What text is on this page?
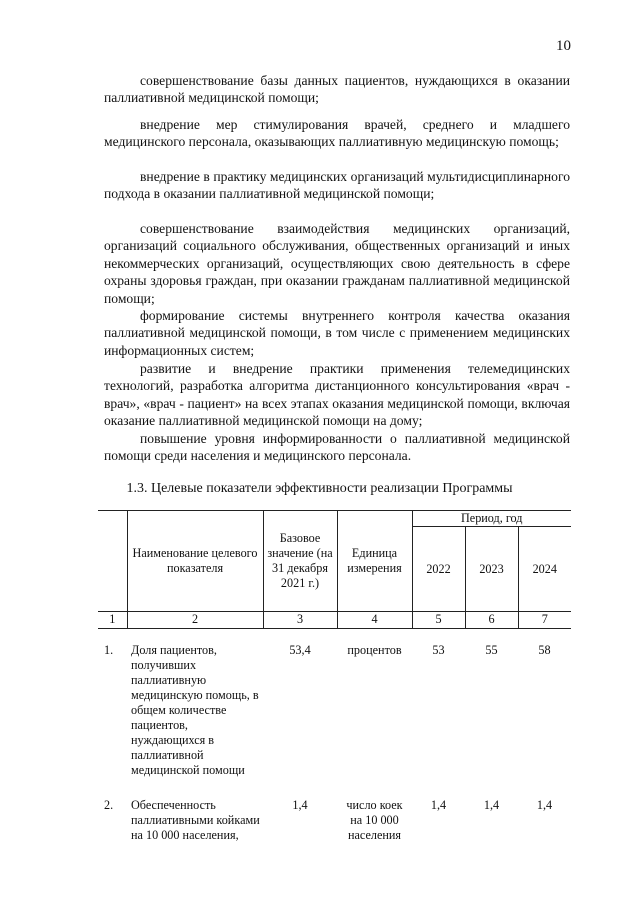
10

совершенствование базы данных пациентов, нуждающихся в оказании паллиативной медицинской помощи;

внедрение мер стимулирования врачей, среднего и младшего медицинского персонала, оказывающих паллиативную медицинскую помощь;

внедрение в практику медицинских организаций мультидисциплинарного подхода в оказании паллиативной медицинской помощи;

совершенствование взаимодействия медицинских организаций, организаций социального обслуживания, общественных организаций и иных некоммерческих организаций, осуществляющих свою деятельность в сфере охраны здоровья граждан, при оказании гражданам паллиативной медицинской помощи;

формирование системы внутреннего контроля качества оказания паллиативной медицинской помощи, в том числе с применением медицинских информационных систем;

развитие и внедрение практики применения телемедицинских технологий, разработка алгоритма дистанционного консультирования «врач - врач», «врач - пациент» на всех этапах оказания медицинской помощи, включая оказание паллиативной медицинской помощи на дому;

повышение уровня информированности о паллиативной медицинской помощи среди населения и медицинского персонала.

1.3. Целевые показатели эффективности реализации Программы
	Наименование целевого показателя	Базовое значение (на 31 декабря 2021 г.)	Единица измерения	Период, год		
				2022	2023	2024
1	2	3	4	5	6	7

1.	Доля пациентов, получивших паллиативную медицинскую помощь, в общем количестве пациентов, нуждающихся в паллиативной медицинской помощи	53,4	процентов	53	55	58

2.	Обеспеченность паллиативными койками на 10 000 населения,	1,4	число коек на 10 000 населения	1,4	1,4	1,4
